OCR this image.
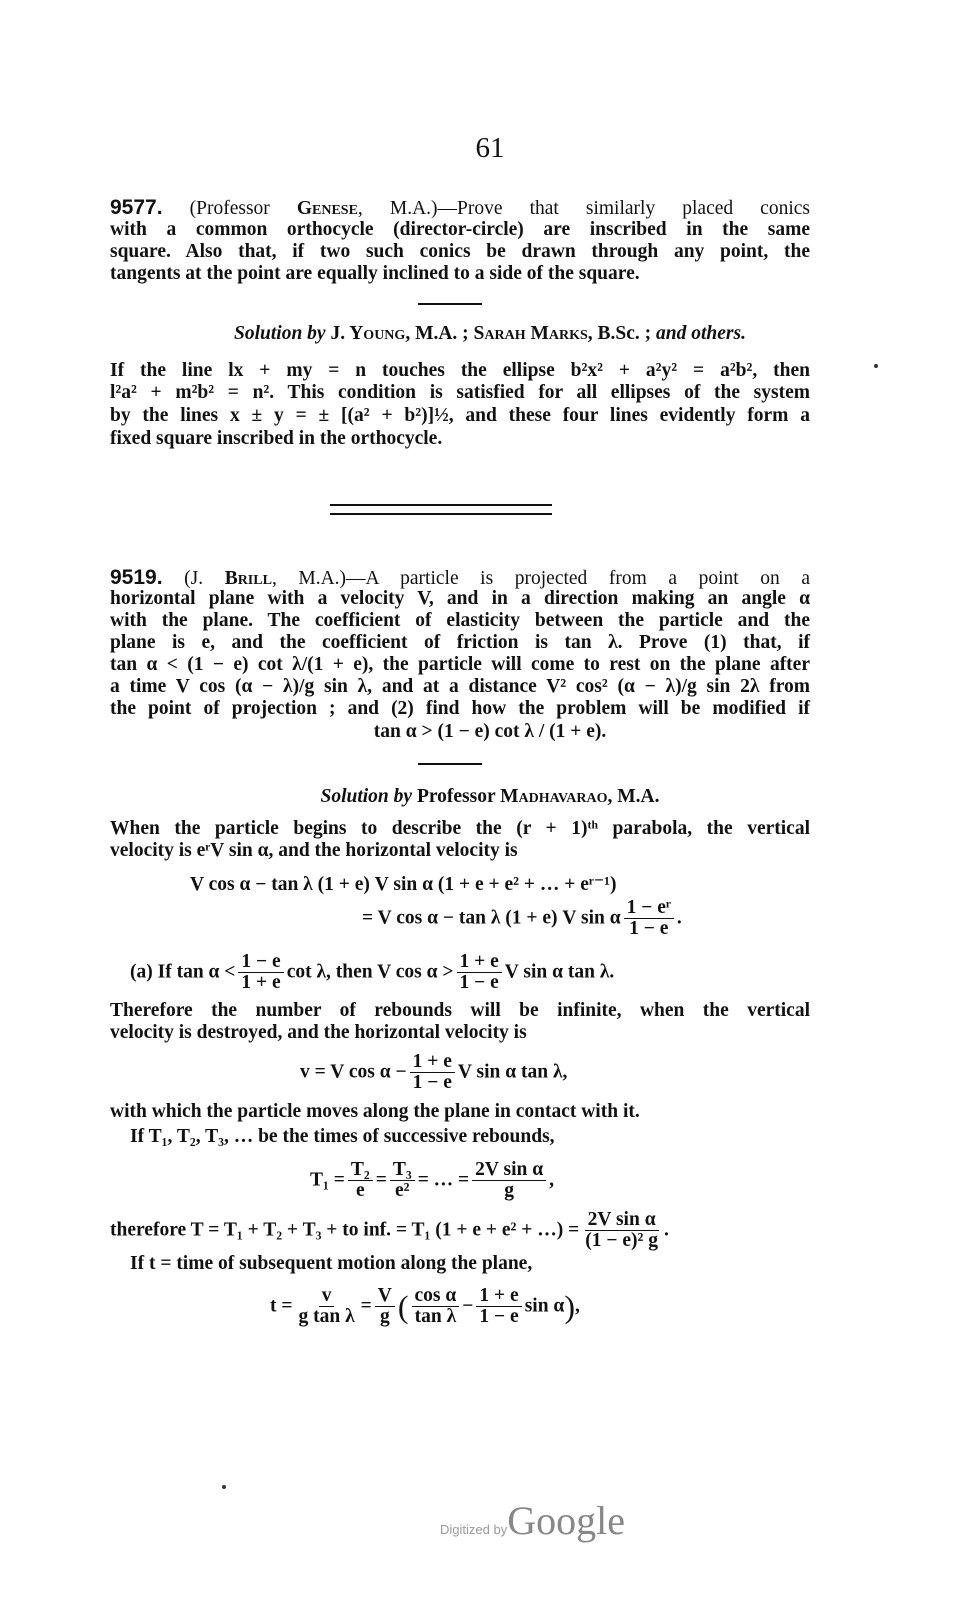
61
9577. (Professor Genese, M.A.)—Prove that similarly placed conics
with a common orthocycle (director-circle) are inscribed in the same
square. Also that, if two such conics be drawn through any point, the
tangents at the point are equally inclined to a side of the square.
Solution by J. Young, M.A. ; Sarah Marks, B.Sc. ; and others.
If the line lx + my = n touches the ellipse b²x² + a²y² = a²b², then
l²a² + m²b² = n². This condition is satisfied for all ellipses of the system
by the lines x ± y = ± [(a² + b²)]½, and these four lines evidently form a
fixed square inscribed in the orthocycle.
9519. (J. Brill, M.A.)—A particle is projected from a point on a
horizontal plane with a velocity V, and in a direction making an angle α
with the plane. The coefficient of elasticity between the particle and the
plane is e, and the coefficient of friction is tan λ. Prove (1) that, if
tan α < (1 − e) cot λ/(1 + e), the particle will come to rest on the plane after
a time V cos (α − λ)/g sin λ, and at a distance V² cos² (α − λ)/g sin 2λ from
the point of projection ; and (2) find how the problem will be modified if
tan α > (1 − e) cot λ / (1 + e).
Solution by Professor Madhavarao, M.A.
When the particle begins to describe the (r + 1)ᵗʰ parabola, the vertical
velocity is eʳV sin α, and the horizontal velocity is
V cos α − tan λ (1 + e) V sin α (1 + e + e² + … + eʳ⁻¹)
= V cos α − tan λ (1 + e) V sin α $\frac{\text{1 − eʳ}}{1 - e}$ .
(a) If $\tan \alpha < \frac{1 - e}{1 + e}$ cot λ, then V $\cos \alpha > \frac{1 + e}{1 - e}$ V sin α tan λ.
Therefore the number of rebounds will be infinite, when the vertical
velocity is destroyed, and the horizontal velocity is
v = V $\cos \alpha - \frac{1 + e}{1 - e}$ V sin α tan λ,
with which the particle moves along the plane in contact with it.
If T₁, T₂, T₃, … be the times of successive rebounds,
$T_1 = \frac{\text{T₂}}{e} = \frac{\text{T₃}}{\text{e²}}$ = … = $\frac{\text{2V sin α}}{g}$ ,
therefore T = T₁ + T₂ + T₃ + to inf. = T₁ (1 + e + e² + …) = $\frac{\text{2V sin α}}{\text{(1 − e)² g}}$ .
If t = time of subsequent motion along the plane,
$t = \frac{v}{\text{g tan λ}} = \frac{V}{g}$ ( $\frac{\text{cos α}}{\text{tan λ}} - \frac{1 + e}{1 - e}$ sin α),
Digitized byGoogle
